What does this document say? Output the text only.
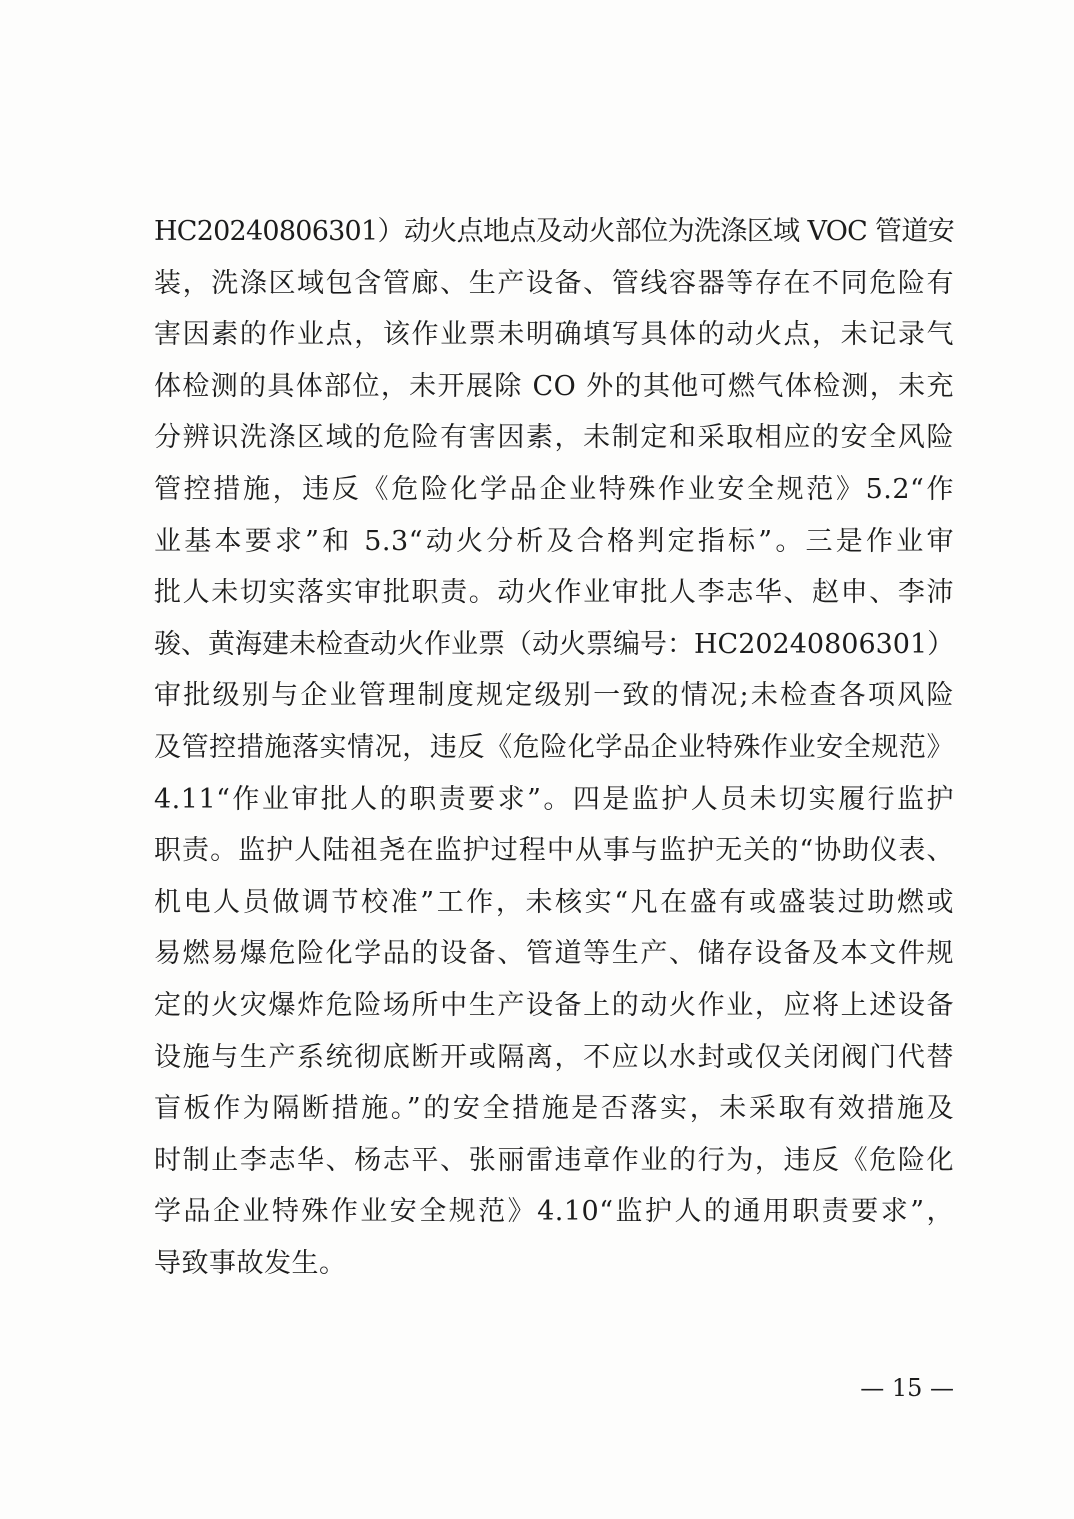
HC20240806301）动火点地点及动火部位为洗涤区域 VOC 管道安
装，洗涤区域包含管廊、生产设备、管线容器等存在不同危险有
害因素的作业点，该作业票未明确填写具体的动火点，未记录气
体检测的具体部位，未开展除 CO 外的其他可燃气体检测，未充
分辨识洗涤区域的危险有害因素，未制定和采取相应的安全风险
管控措施，违反《危险化学品企业特殊作业安全规范》5.2“作
业基本要求”和 5.3“动火分析及合格判定指标”。三是作业审
批人未切实落实审批职责。动火作业审批人李志华、赵申、李沛
骏、黄海建未检查动火作业票（动火票编号：HC20240806301）
审批级别与企业管理制度规定级别一致的情况;未检查各项风险
及管控措施落实情况，违反《危险化学品企业特殊作业安全规范》
4.11“作业审批人的职责要求”。四是监护人员未切实履行监护
职责。监护人陆祖尧在监护过程中从事与监护无关的“协助仪表、
机电人员做调节校准”工作，未核实“凡在盛有或盛装过助燃或
易燃易爆危险化学品的设备、管道等生产、储存设备及本文件规
定的火灾爆炸危险场所中生产设备上的动火作业，应将上述设备
设施与生产系统彻底断开或隔离，不应以水封或仅关闭阀门代替
盲板作为隔断措施。”的安全措施是否落实，未采取有效措施及
时制止李志华、杨志平、张丽雷违章作业的行为，违反《危险化
学品企业特殊作业安全规范》4.10“监护人的通用职责要求”，
导致事故发生。
— 15 —
